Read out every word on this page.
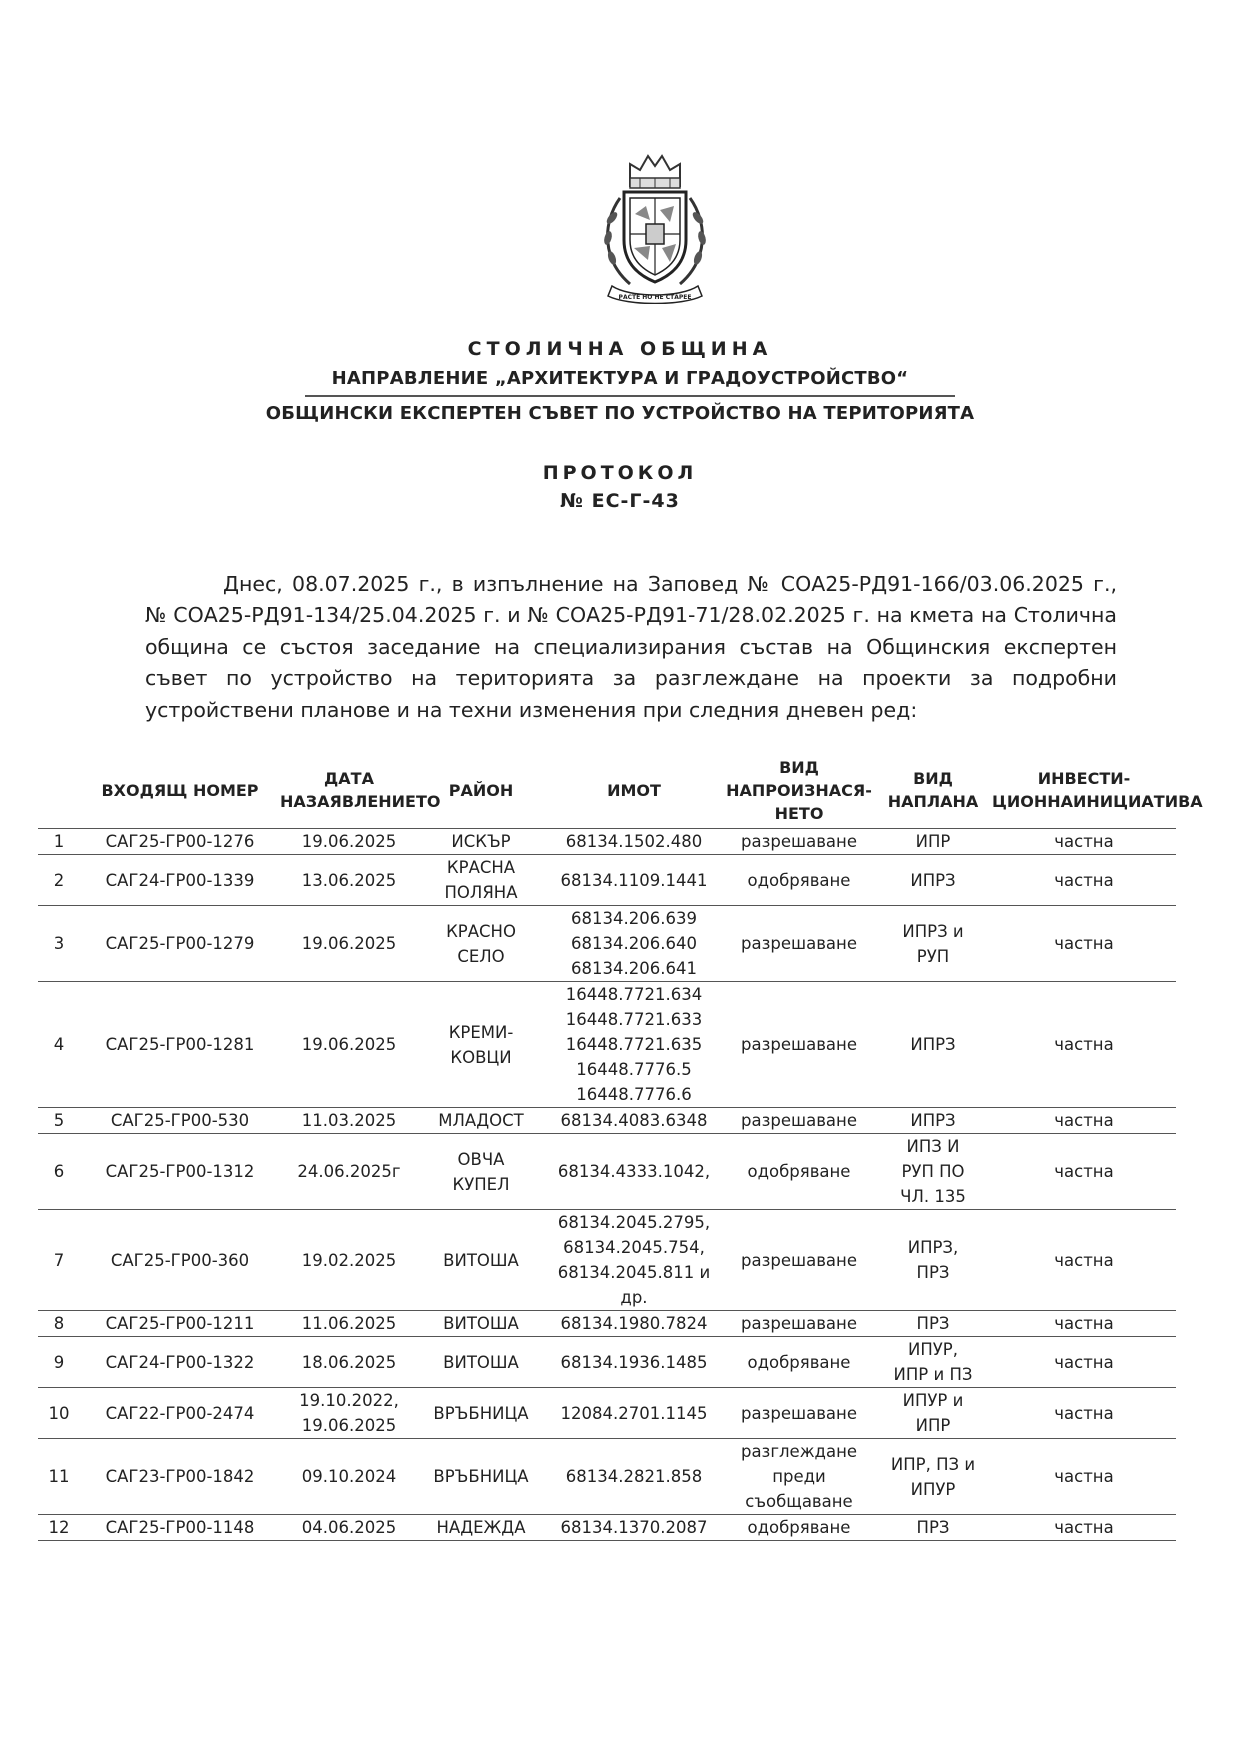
РАСТЕ НО НЕ СТАРЕЕ
СТОЛИЧНА ОБЩИНА
НАПРАВЛЕНИЕ „АРХИТЕКТУРА И ГРАДОУСТРОЙСТВО“
ОБЩИНСКИ ЕКСПЕРТЕН СЪВЕТ ПО УСТРОЙСТВО НА ТЕРИТОРИЯТА
ПРОТОКОЛ
№ ЕС-Г-43

Днес, 08.07.2025 г., в изпълнение на Заповед № СОА25-РД91-166/03.06.2025 г., № СОА25-РД91-134/25.04.2025 г. и № СОА25-РД91-71/28.02.2025 г. на кмета на Столична община се състоя заседание на специализирания състав на Общинския експертен съвет по устройство на територията за разглеждане на проекти за подробни устройствени планове и на техни изменения при следния дневен ред:

	ВХОДЯЩ НОМЕР	ДАТА НАЗАЯВЛЕНИЕТО	РАЙОН	ИМОТ	ВИД НАПРОИЗНАСЯ-НЕТО	ВИД НАПЛАНА	ИНВЕСТИ-ЦИОННАИНИЦИАТИВА
1	САГ25-ГР00-1276	19.06.2025	ИСКЪР	68134.1502.480	разрешаване	ИПР	частна
2	САГ24-ГР00-1339	13.06.2025	КРАСНА
ПОЛЯНА	68134.1109.1441	одобряване	ИПРЗ	частна
3	САГ25-ГР00-1279	19.06.2025	КРАСНО
СЕЛО	68134.206.639
68134.206.640
68134.206.641	разрешаване	ИПРЗ и
РУП	частна
4	САГ25-ГР00-1281	19.06.2025	КРЕМИ-
КОВЦИ	16448.7721.634
16448.7721.633
16448.7721.635
16448.7776.5
16448.7776.6	разрешаване	ИПРЗ	частна
5	САГ25-ГР00-530	11.03.2025	МЛАДОСТ	68134.4083.6348	разрешаване	ИПРЗ	частна
6	САГ25-ГР00-1312	24.06.2025г	ОВЧА
КУПЕЛ	68134.4333.1042,	одобряване	ИПЗ И
РУП ПО
ЧЛ. 135	частна
7	САГ25-ГР00-360	19.02.2025	ВИТОША	68134.2045.2795,
68134.2045.754,
68134.2045.811 и
др.	разрешаване	ИПРЗ,
ПРЗ	частна
8	САГ25-ГР00-1211	11.06.2025	ВИТОША	68134.1980.7824	разрешаване	ПРЗ	частна
9	САГ24-ГР00-1322	18.06.2025	ВИТОША	68134.1936.1485	одобряване	ИПУР,
ИПР и ПЗ	частна
10	САГ22-ГР00-2474	19.10.2022,
19.06.2025	ВРЪБНИЦА	12084.2701.1145	разрешаване	ИПУР и
ИПР	частна
11	САГ23-ГР00-1842	09.10.2024	ВРЪБНИЦА	68134.2821.858	разглеждане
преди
съобщаване	ИПР, ПЗ и
ИПУР	частна
12	САГ25-ГР00-1148	04.06.2025	НАДЕЖДА	68134.1370.2087	одобряване	ПРЗ	частна
